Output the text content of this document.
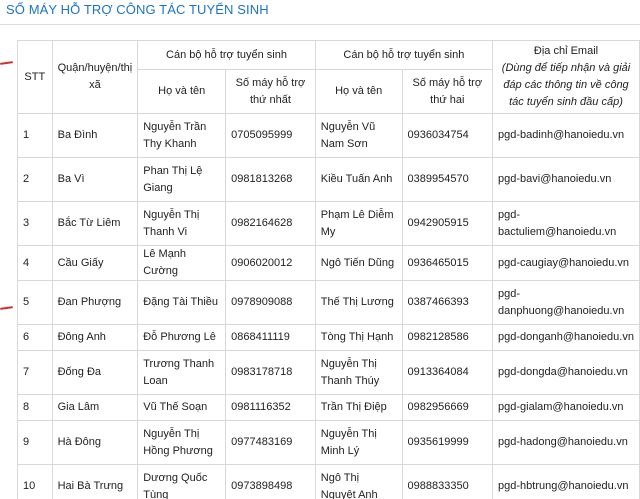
SỐ MÁY HỖ TRỢ CÔNG TÁC TUYỂN SINH
STT	Quận/huyện/thị xã	Cán bộ hỗ trợ tuyển sinh		Cán bộ hỗ trợ tuyển sinh		Địa chỉ Email
(Dùng để tiếp nhận và giải đáp các thông tin về công tác tuyển sinh đầu cấp)

		Họ và tên	Số máy hỗ trợ thứ nhất	Họ và tên	Số máy hỗ trợ thứ hai	
1	Ba Đình	Nguyễn Trần Thy Khanh	0705095999	Nguyễn Vũ Nam Sơn	0936034754	pgd-badinh@hanoiedu.vn
2	Ba Vì	Phan Thị Lệ Giang	0981813268	Kiều Tuấn Anh	0389954570	pgd-bavi@hanoiedu.vn
3	Bắc Từ Liêm	Nguyễn Thị Thanh Vi	0982164628	Phạm Lê Diễm My	0942905915	pgd-
bactuliem@hanoiedu.vn
4	Cầu Giấy	Lê Mạnh Cường	0906020012	Ngô Tiến Dũng	0936465015	pgd-caugiay@hanoiedu.vn
5	Đan Phượng	Đặng Tài Thiều	0978909088	Thế Thị Lương	0387466393	pgd-
danphuong@hanoiedu.vn
6	Đông Anh	Đỗ Phương Lê	0868411119	Tòng Thị Hạnh	0982128586	pgd-donganh@hanoiedu.vn
7	Đống Đa	Trương Thanh Loan	0983178718	Nguyễn Thị Thanh Thúy	0913364084	pgd-dongda@hanoiedu.vn
8	Gia Lâm	Vũ Thế Soạn	0981116352	Trần Thị Điệp	0982956669	pgd-gialam@hanoiedu.vn
9	Hà Đông	Nguyễn Thị Hồng Phương	0977483169	Nguyễn Thị Minh Lý	0935619999	pgd-hadong@hanoiedu.vn
10	Hai Bà Trưng	Dương Quốc Tùng	0973898498	Ngô Thị Nguyệt Anh	0988833350	pgd-hbtrung@hanoiedu.vn
